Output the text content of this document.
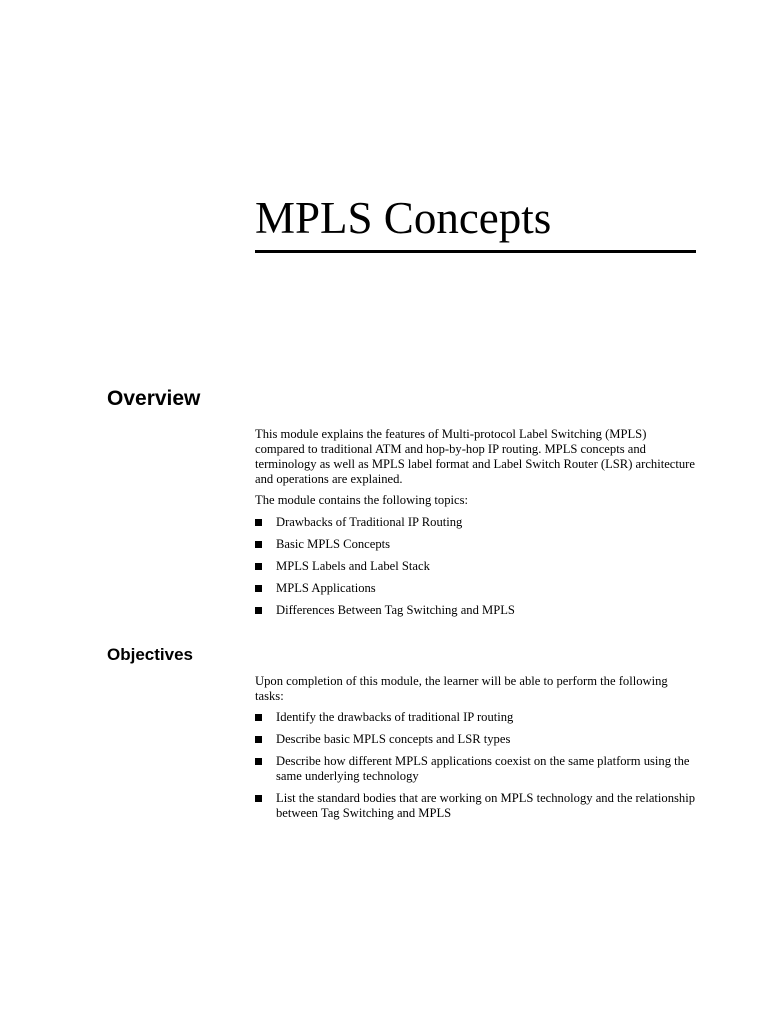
MPLS Concepts
Overview

This module explains the features of Multi-protocol Label Switching (MPLS) compared to traditional ATM and hop-by-hop IP routing. MPLS concepts and terminology as well as MPLS label format and Label Switch Router (LSR) architecture and operations are explained.

The module contains the following topics:

Drawbacks of Traditional IP Routing
Basic MPLS Concepts
MPLS Labels and Label Stack
MPLS Applications
Differences Between Tag Switching and MPLS
Objectives

Upon completion of this module, the learner will be able to perform the following tasks:

Identify the drawbacks of traditional IP routing
Describe basic MPLS concepts and LSR types
Describe how different MPLS applications coexist on the same platform using the same underlying technology
List the standard bodies that are working on MPLS technology and the relationship between Tag Switching and MPLS
